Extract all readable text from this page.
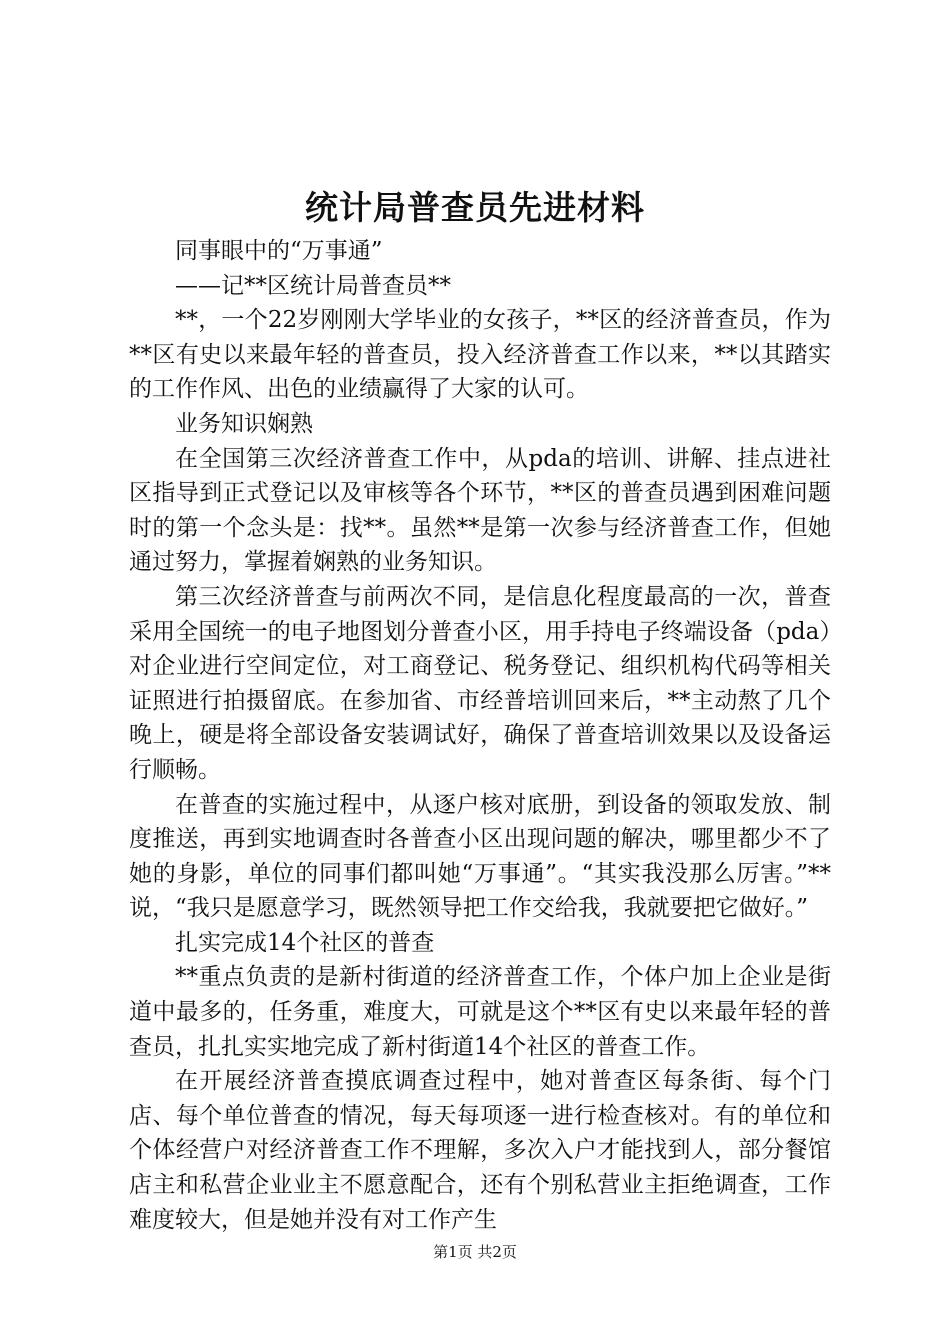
统计局普查员先进材料

同事眼中的“万事通”

——记**区统计局普查员**

**，一个22岁刚刚大学毕业的女孩子，**区的经济普查员，作为**区有史以来最年轻的普查员，投入经济普查工作以来，**以其踏实的工作作风、出色的业绩赢得了大家的认可。

业务知识娴熟

在全国第三次经济普查工作中，从pda的培训、讲解、挂点进社区指导到正式登记以及审核等各个环节，**区的普查员遇到困难问题时的第一个念头是：找**。虽然**是第一次参与经济普查工作，但她通过努力，掌握着娴熟的业务知识。

第三次经济普查与前两次不同，是信息化程度最高的一次，普查采用全国统一的电子地图划分普查小区，用手持电子终端设备（pda）对企业进行空间定位，对工商登记、税务登记、组织机构代码等相关证照进行拍摄留底。在参加省、市经普培训回来后，**主动熬了几个晚上，硬是将全部设备安装调试好，确保了普查培训效果以及设备运行顺畅。

在普查的实施过程中，从逐户核对底册，到设备的领取发放、制度推送，再到实地调查时各普查小区出现问题的解决，哪里都少不了她的身影，单位的同事们都叫她“万事通”。“其实我没那么厉害。”**说，“我只是愿意学习，既然领导把工作交给我，我就要把它做好。”

扎实完成14个社区的普查

**重点负责的是新村街道的经济普查工作，个体户加上企业是街道中最多的，任务重，难度大，可就是这个**区有史以来最年轻的普查员，扎扎实实地完成了新村街道14个社区的普查工作。

在开展经济普查摸底调查过程中，她对普查区每条街、每个门店、每个单位普查的情况，每天每项逐一进行检查核对。有的单位和个体经营户对经济普查工作不理解，多次入户才能找到人，部分餐馆店主和私营企业业主不愿意配合，还有个别私营业主拒绝调查，工作难度较大，但是她并没有对工作产生

第1页 共2页
